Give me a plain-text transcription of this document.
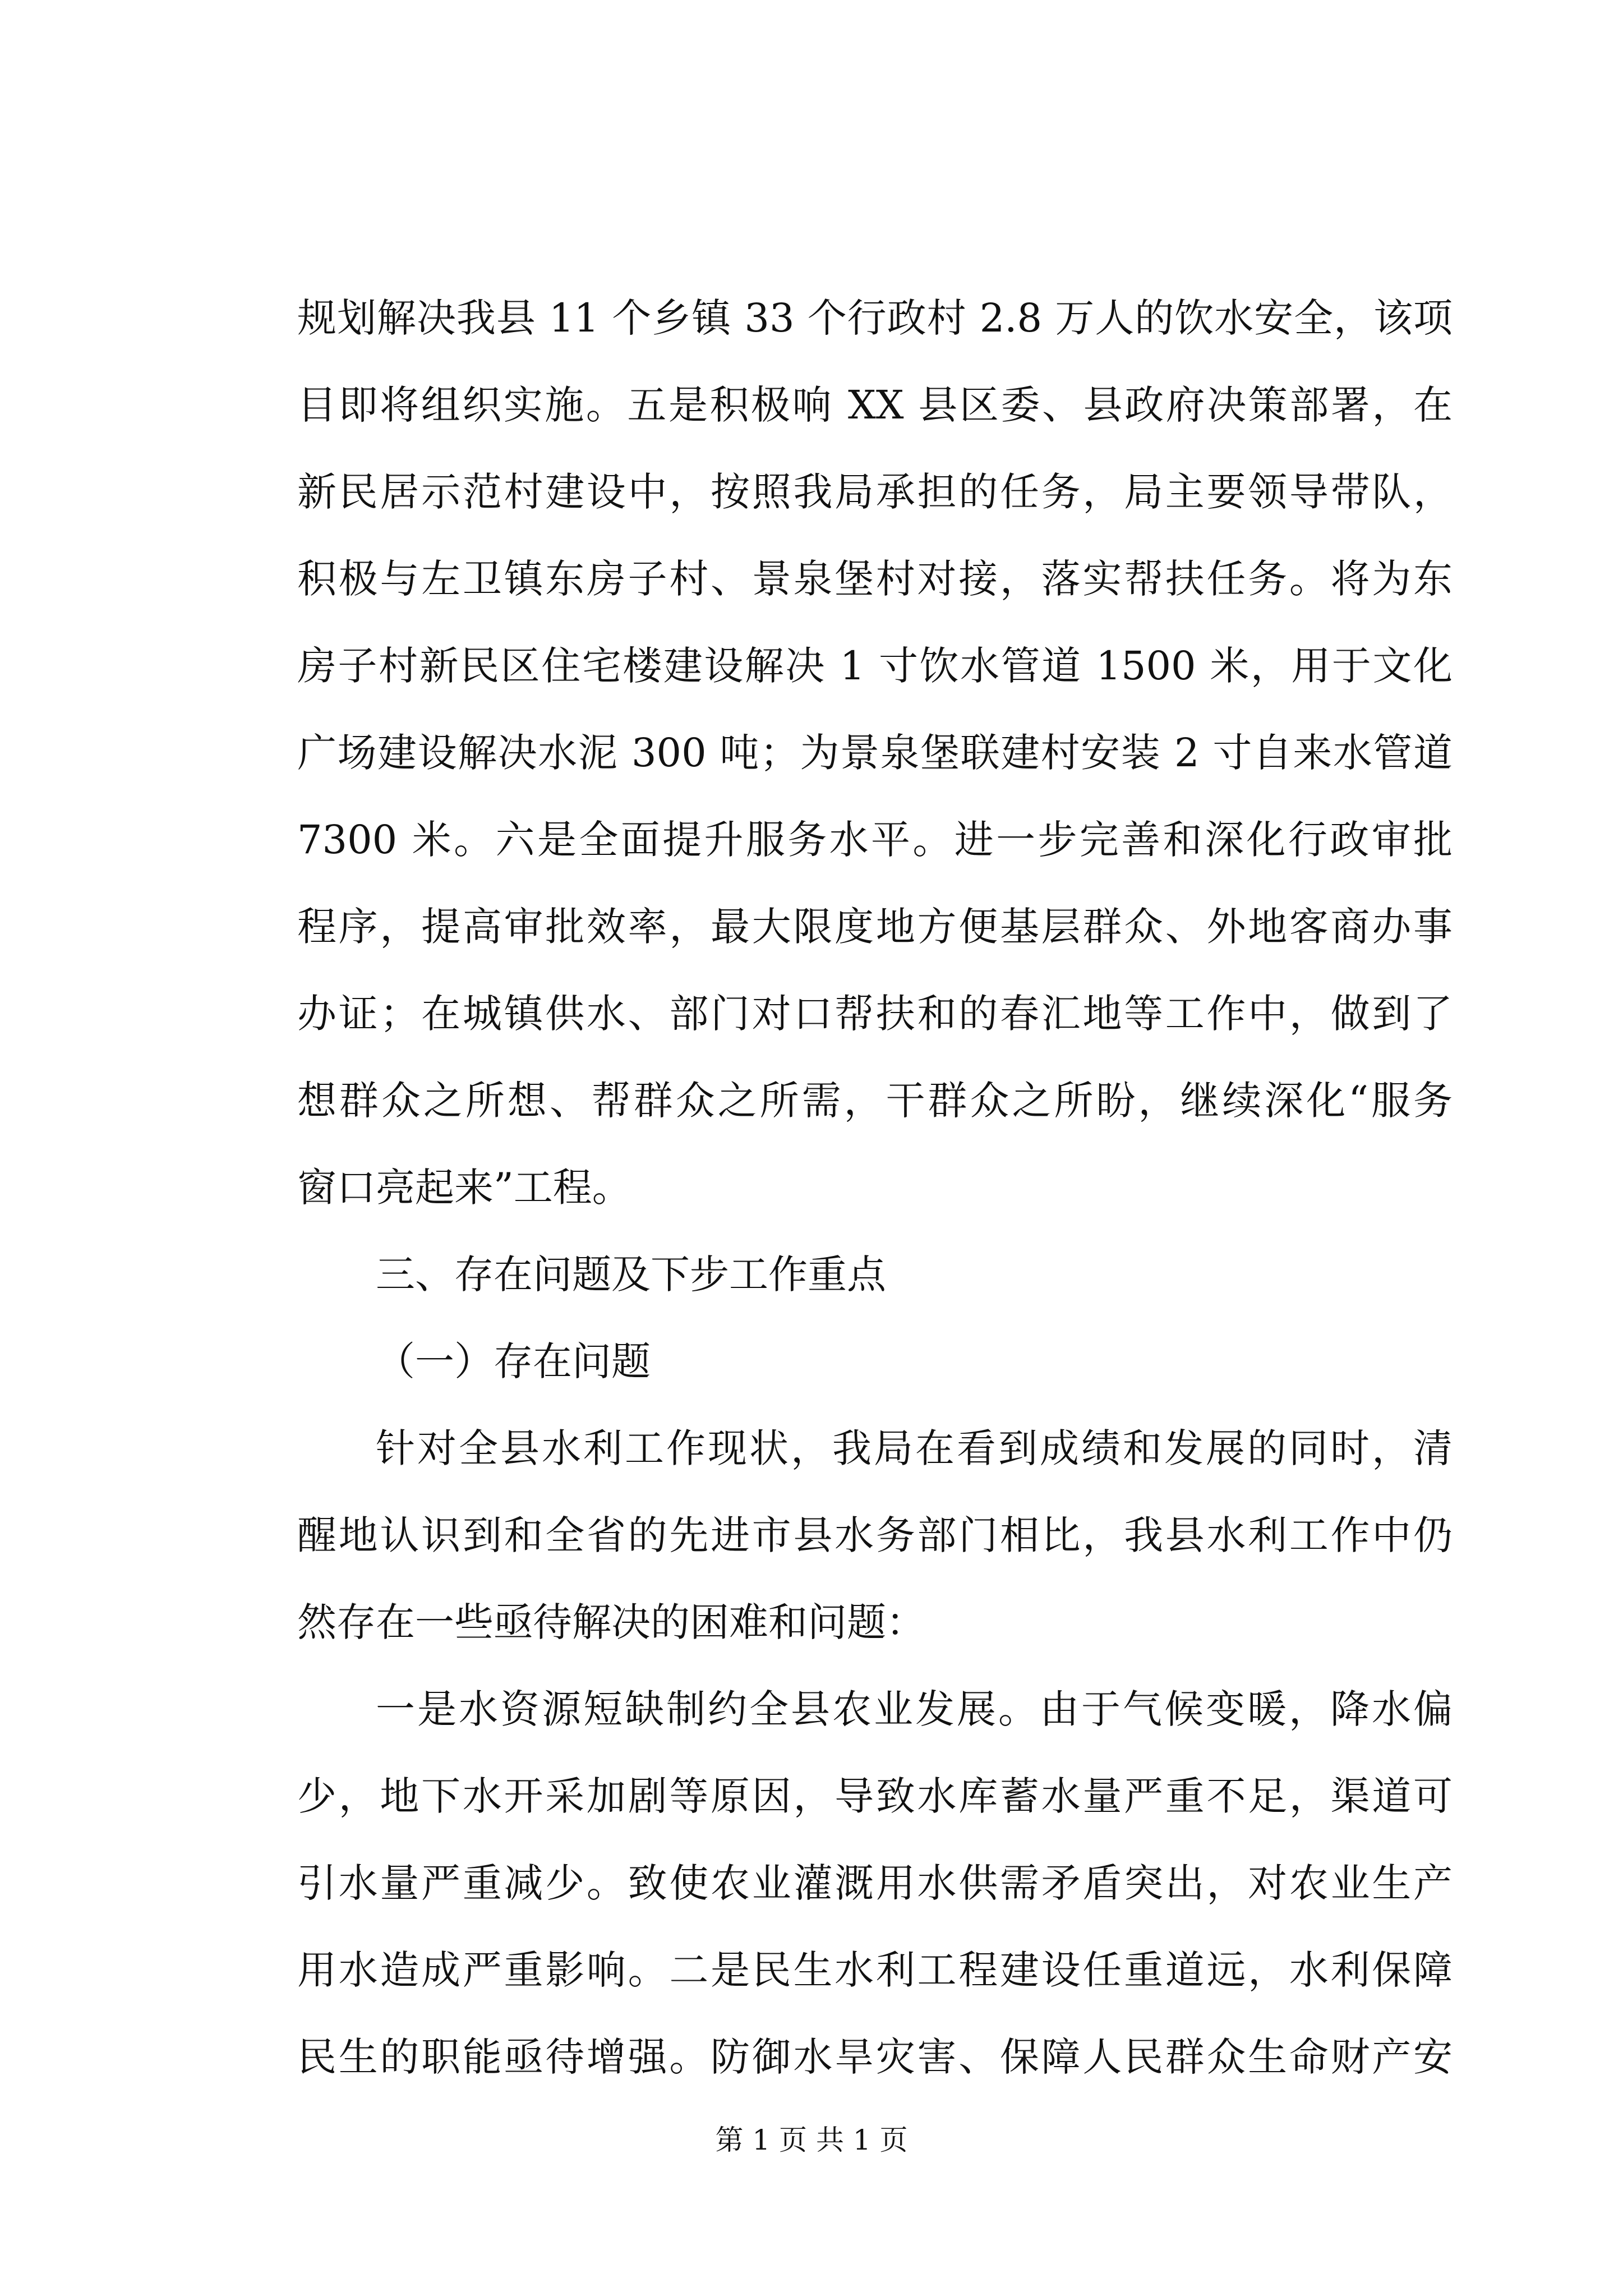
规划解决我县 11 个乡镇 33 个行政村 2.8 万人的饮水安全，该项
目即将组织实施。五是积极响 XX 县区委、县政府决策部署，在
新民居示范村建设中，按照我局承担的任务，局主要领导带队，
积极与左卫镇东房子村、景泉堡村对接，落实帮扶任务。将为东
房子村新民区住宅楼建设解决 1 寸饮水管道 1500 米，用于文化
广场建设解决水泥 300 吨；为景泉堡联建村安装 2 寸自来水管道
7300 米。六是全面提升服务水平。进一步完善和深化行政审批
程序，提高审批效率，最大限度地方便基层群众、外地客商办事
办证；在城镇供水、部门对口帮扶和的春汇地等工作中，做到了
想群众之所想、帮群众之所需，干群众之所盼，继续深化“服务
窗口亮起来”工程。
三、存在问题及下步工作重点
（一）存在问题
针对全县水利工作现状，我局在看到成绩和发展的同时，清
醒地认识到和全省的先进市县水务部门相比，我县水利工作中仍
然存在一些亟待解决的困难和问题：
一是水资源短缺制约全县农业发展。由于气候变暖，降水偏
少，地下水开采加剧等原因，导致水库蓄水量严重不足，渠道可
引水量严重减少。致使农业灌溉用水供需矛盾突出，对农业生产
用水造成严重影响。二是民生水利工程建设任重道远，水利保障
民生的职能亟待增强。防御水旱灾害、保障人民群众生命财产安
第 1 页 共 1 页
